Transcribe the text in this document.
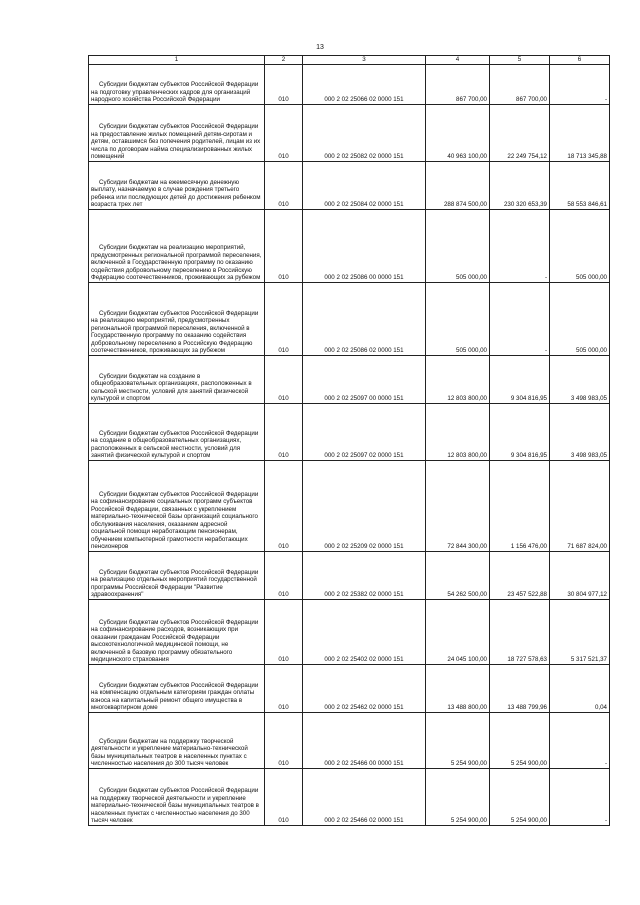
13
1	2	3	4	5	6

Субсидии бюджетам субъектов Российской Федерации на подготовку управленческих кадров для организаций народного хозяйства Российской Федерации	010	000 2 02 25066 02 0000 151	867 700,00	867 700,00	-

Субсидии бюджетам субъектов Российской Федерации на предоставление жилых помещений детям-сиротам и детям, оставшимся без попечения родителей, лицам из их числа по договорам найма специализированных жилых помещений	010	000 2 02 25082 02 0000 151	40 963 100,00	22 249 754,12	18 713 345,88

Субсидии бюджетам на ежемесячную денежную выплату, назначаемую в случае рождения третьего ребенка или последующих детей до достижения ребенком возраста трех лет	010	000 2 02 25084 02 0000 151	288 874 500,00	230 320 653,39	58 553 846,61

Субсидии бюджетам на реализацию мероприятий, предусмотренных региональной программой переселения, включенной в Государственную программу по оказанию содействия добровольному переселению в Российскую Федерацию соотечественников, проживающих за рубежом	010	000 2 02 25086 00 0000 151	505 000,00	-	505 000,00

Субсидии бюджетам субъектов Российской Федерации на реализацию мероприятий, предусмотренных региональной программой переселения, включенной в Государственную программу по оказанию содействия добровольному переселению в Российскую Федерацию соотечественников, проживающих за рубежом	010	000 2 02 25086 02 0000 151	505 000,00	-	505 000,00

Субсидии бюджетам на создание в общеобразовательных организациях, расположенных в сельской местности, условий для занятий физической культурой и спортом	010	000 2 02 25097 00 0000 151	12 803 800,00	9 304 816,95	3 498 983,05

Субсидии бюджетам субъектов Российской Федерации на создание в общеобразовательных организациях, расположенных в сельской местности, условий для занятий физической культурой и спортом	010	000 2 02 25097 02 0000 151	12 803 800,00	9 304 816,95	3 498 983,05

Субсидии бюджетам субъектов Российской Федерации на софинансирование социальных программ субъектов Российской Федерации, связанных с укреплением материально-технической базы организаций социального обслуживания населения, оказанием адресной социальной помощи неработающим пенсионерам, обучением компьютерной грамотности неработающих пенсионеров	010	000 2 02 25209 02 0000 151	72 844 300,00	1 156 476,00	71 687 824,00

Субсидии бюджетам субъектов Российской Федерации на реализацию отдельных мероприятий государственной программы Российской Федерации "Развитие здравоохранения"	010	000 2 02 25382 02 0000 151	54 262 500,00	23 457 522,88	30 804 977,12

Субсидии бюджетам субъектов Российской Федерации на софинансирование расходов, возникающих при оказании гражданам Российской Федерации высокотехнологичной медицинской помощи, не включенной в базовую программу обязательного медицинского страхования	010	000 2 02 25402 02 0000 151	24 045 100,00	18 727 578,63	5 317 521,37

Субсидии бюджетам субъектов Российской Федерации на компенсацию отдельным категориям граждан оплаты взноса на капитальный ремонт общего имущества в многоквартирном доме	010	000 2 02 25462 02 0000 151	13 488 800,00	13 488 799,96	0,04

Субсидии бюджетам на поддержку творческой деятельности и укрепление материально-технической базы муниципальных театров в населенных пунктах с численностью населения до 300 тысяч человек	010	000 2 02 25466 00 0000 151	5 254 900,00	5 254 900,00	-

Субсидии бюджетам субъектов Российской Федерации на поддержку творческой деятельности и укрепление материально-технической базы муниципальных театров в населенных пунктах с численностью населения до 300 тысяч человек	010	000 2 02 25466 02 0000 151	5 254 900,00	5 254 900,00	-
